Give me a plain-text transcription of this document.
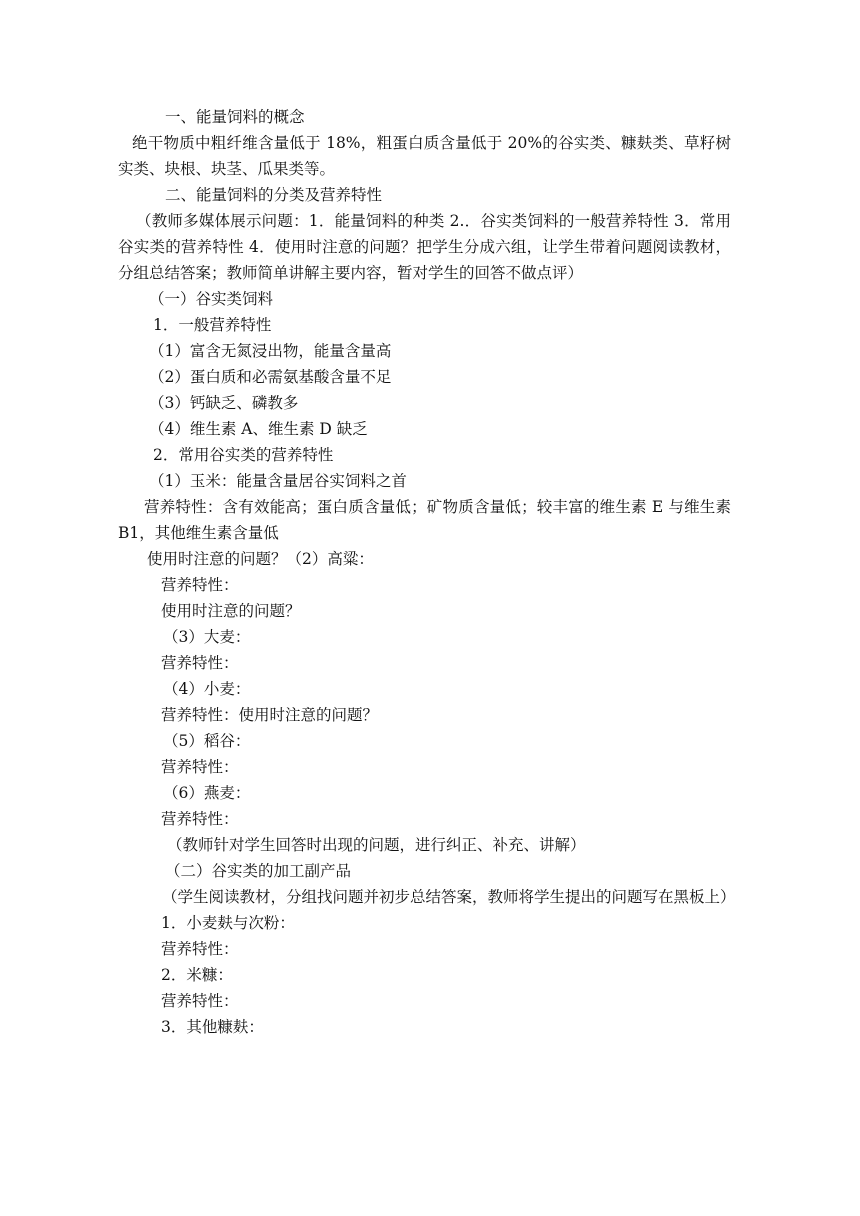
一、能量饲料的概念
绝干物质中粗纤维含量低于 18%，粗蛋白质含量低于 20%的谷实类、糠麸类、草籽树实类、块根、块茎、瓜果类等。
二、能量饲料的分类及营养特性
（教师多媒体展示问题：1．能量饲料的种类 2.．谷实类饲料的一般营养特性 3．常用谷实类的营养特性 4．使用时注意的问题？把学生分成六组，让学生带着问题阅读教材，分组总结答案；教师简单讲解主要内容，暂对学生的回答不做点评）
（一）谷实类饲料
1．一般营养特性
（1）富含无氮浸出物，能量含量高
（2）蛋白质和必需氨基酸含量不足
（3）钙缺乏、磷教多
（4）维生素 A、维生素 D 缺乏
2．常用谷实类的营养特性
（1）玉米：能量含量居谷实饲料之首
营养特性：含有效能高；蛋白质含量低；矿物质含量低；较丰富的维生素 E 与维生素 B1，其他维生素含量低
使用时注意的问题？（2）高粱：
营养特性：
使用时注意的问题？
（3）大麦：
营养特性：
（4）小麦：
营养特性：使用时注意的问题？
（5）稻谷：
营养特性：
（6）燕麦：
营养特性：
（教师针对学生回答时出现的问题，进行纠正、补充、讲解）
（二）谷实类的加工副产品
（学生阅读教材，分组找问题并初步总结答案，教师将学生提出的问题写在黑板上）
1．小麦麸与次粉：
营养特性：
2．米糠：
营养特性：
3．其他糠麸：
